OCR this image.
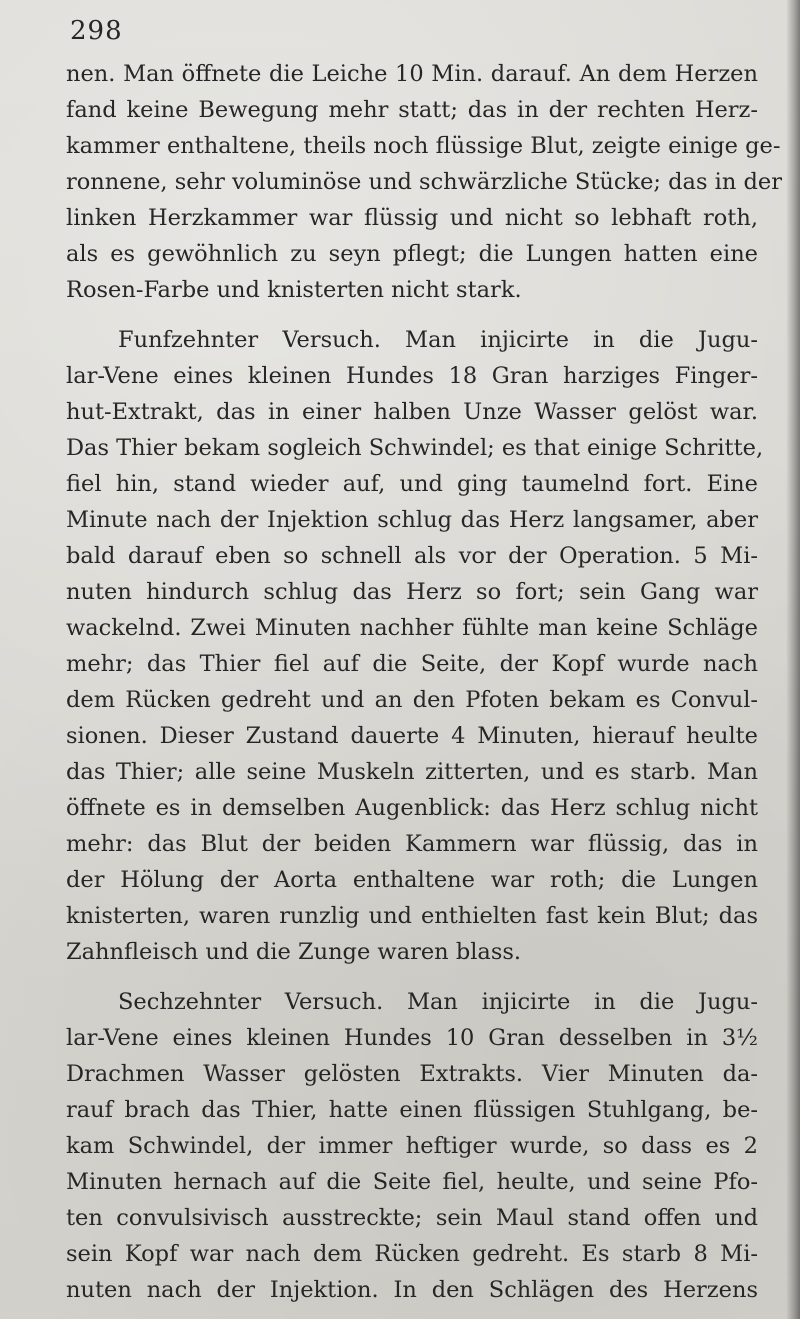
298
nen. Man öffnete die Leiche 10 Min. darauf. An dem Herzen
fand keine Bewegung mehr statt; das in der rechten Herz-
kammer enthaltene, theils noch flüssige Blut, zeigte einige ge-
ronnene, sehr voluminöse und schwärzliche Stücke; das in der
linken Herzkammer war flüssig und nicht so lebhaft roth,
als es gewöhnlich zu seyn pflegt; die Lungen hatten eine
Rosen-Farbe und knisterten nicht stark.
Funfzehnter Versuch. Man injicirte in die Jugu-
lar-Vene eines kleinen Hundes 18 Gran harziges Finger-
hut-Extrakt, das in einer halben Unze Wasser gelöst war.
Das Thier bekam sogleich Schwindel; es that einige Schritte,
fiel hin, stand wieder auf, und ging taumelnd fort. Eine
Minute nach der Injektion schlug das Herz langsamer, aber
bald darauf eben so schnell als vor der Operation. 5 Mi-
nuten hindurch schlug das Herz so fort; sein Gang war
wackelnd. Zwei Minuten nachher fühlte man keine Schläge
mehr; das Thier fiel auf die Seite, der Kopf wurde nach
dem Rücken gedreht und an den Pfoten bekam es Convul-
sionen. Dieser Zustand dauerte 4 Minuten, hierauf heulte
das Thier; alle seine Muskeln zitterten, und es starb. Man
öffnete es in demselben Augenblick: das Herz schlug nicht
mehr: das Blut der beiden Kammern war flüssig, das in
der Hölung der Aorta enthaltene war roth; die Lungen
knisterten, waren runzlig und enthielten fast kein Blut; das
Zahnfleisch und die Zunge waren blass.
Sechzehnter Versuch. Man injicirte in die Jugu-
lar-Vene eines kleinen Hundes 10 Gran desselben in 3½
Drachmen Wasser gelösten Extrakts. Vier Minuten da-
rauf brach das Thier, hatte einen flüssigen Stuhlgang, be-
kam Schwindel, der immer heftiger wurde, so dass es 2
Minuten hernach auf die Seite fiel, heulte, und seine Pfo-
ten convulsivisch ausstreckte; sein Maul stand offen und
sein Kopf war nach dem Rücken gedreht. Es starb 8 Mi-
nuten nach der Injektion. In den Schlägen des Herzens
